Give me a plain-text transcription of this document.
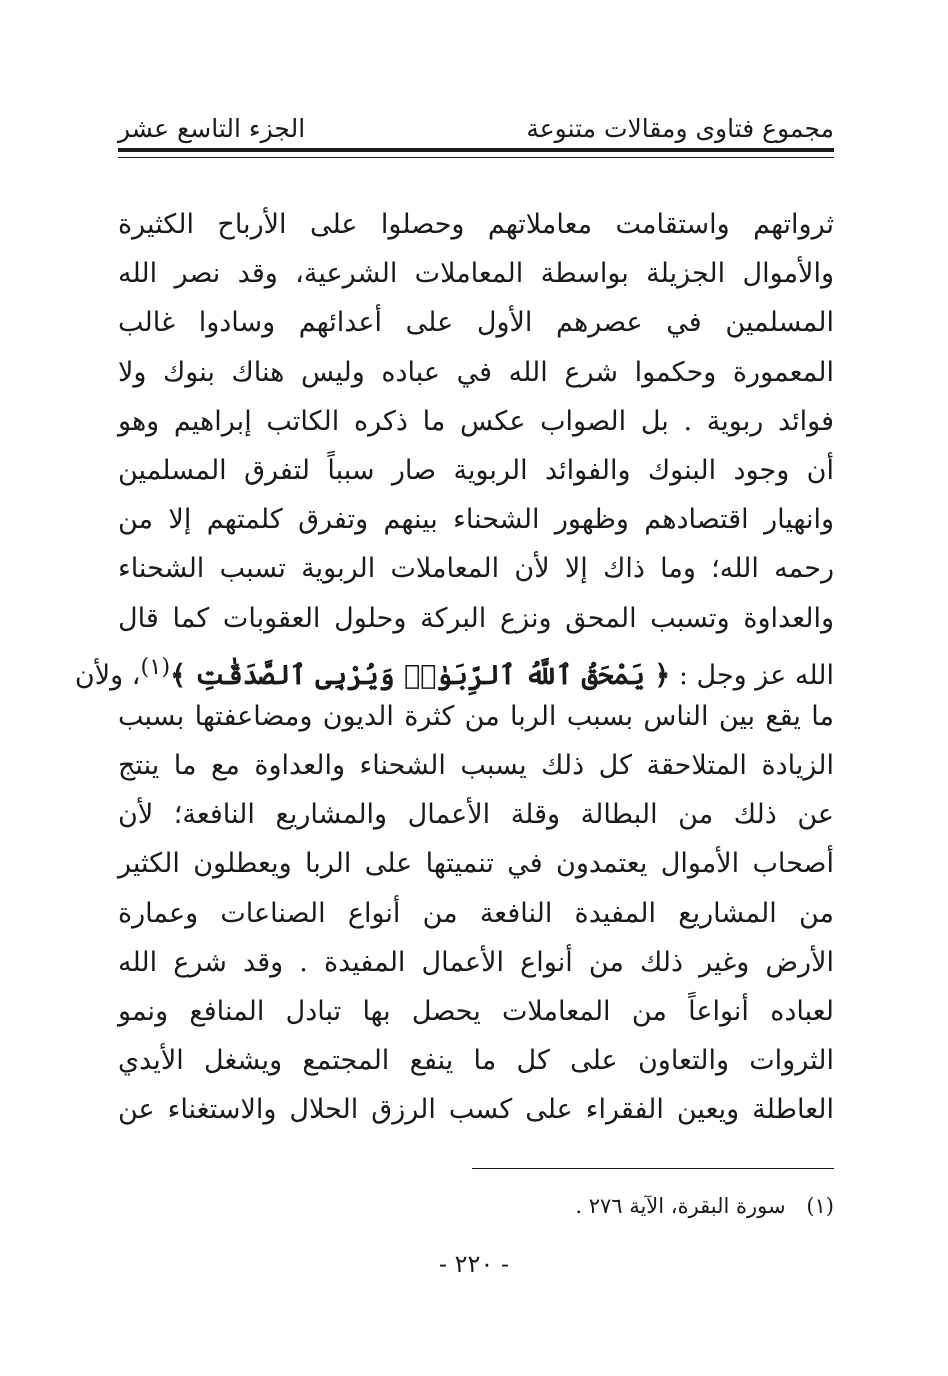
مجموع فتاوى ومقالات متنوعة
الجزء التاسع عشر
ثرواتهم واستقامت معاملاتهم وحصلوا على الأرباح الكثيرة
والأموال الجزيلة بواسطة المعاملات الشرعية، وقد نصر الله
المسلمين في عصرهم الأول على أعدائهم وسادوا غالب
المعمورة وحكموا شرع الله في عباده وليس هناك بنوك ولا
فوائد ربوية . بل الصواب عكس ما ذكره الكاتب إبراهيم وهو
أن وجود البنوك والفوائد الربوية صار سبباً لتفرق المسلمين
وانهيار اقتصادهم وظهور الشحناء بينهم وتفرق كلمتهم إلا من
رحمه الله؛ وما ذاك إلا لأن المعاملات الربوية تسبب الشحناء
والعداوة وتسبب المحق ونزع البركة وحلول العقوبات كما قال
الله عز وجل : ﴿ يَمْحَقُ ٱللَّهُ ٱلرِّبَوٰا۟ وَيُرْبِى ٱلصَّدَقَٰتِ ﴾$^{(١)}$، ولأن
ما يقع بين الناس بسبب الربا من كثرة الديون ومضاعفتها بسبب
الزيادة المتلاحقة كل ذلك يسبب الشحناء والعداوة مع ما ينتج
عن ذلك من البطالة وقلة الأعمال والمشاريع النافعة؛ لأن
أصحاب الأموال يعتمدون في تنميتها على الربا ويعطلون الكثير
من المشاريع المفيدة النافعة من أنواع الصناعات وعمارة
الأرض وغير ذلك من أنواع الأعمال المفيدة . وقد شرع الله
لعباده أنواعاً من المعاملات يحصل بها تبادل المنافع ونمو
الثروات والتعاون على كل ما ينفع المجتمع ويشغل الأيدي
العاطلة ويعين الفقراء على كسب الرزق الحلال والاستغناء عن
(١) سورة البقرة، الآية ٢٧٦ .
- ٢٢٠ -
